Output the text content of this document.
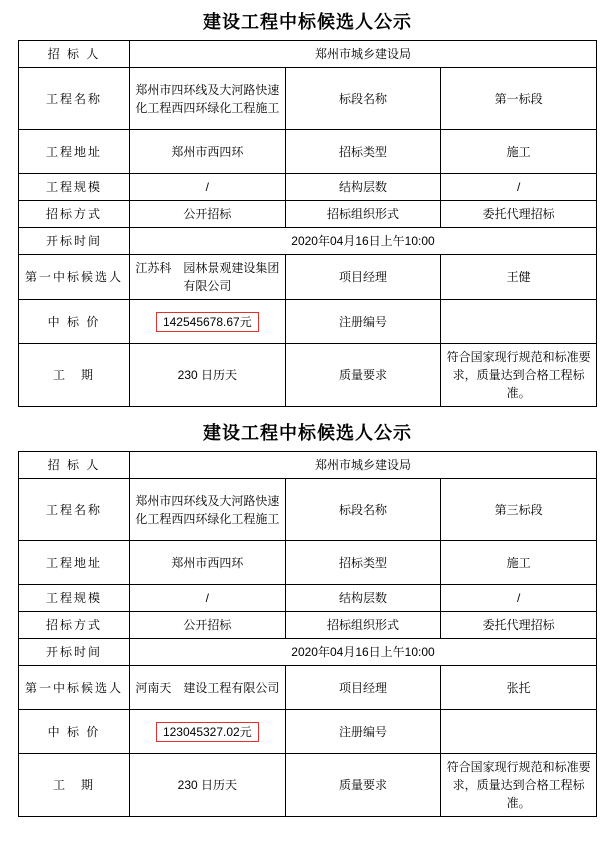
建设工程中标候选人公示
招 标 人	郑州市城乡建设局		
工程名称	郑州市四环线及大河路快速化工程西四环绿化工程施工	标段名称	第一标段
工程地址	郑州市西四环	招标类型	施工
工程规模	/	结构层数	/
招标方式	公开招标	招标组织形式	委托代理招标
开标时间	2020年04月16日上午10:00		
第一中标候选人	江苏科　园林景观建设集团有限公司	项目经理	王健
中 标 价	142545678.67元	注册编号	
工　期	230 日历天	质量要求	符合国家现行规范和标准要求，质量达到合格工程标准。
建设工程中标候选人公示
招 标 人	郑州市城乡建设局		
工程名称	郑州市四环线及大河路快速化工程西四环绿化工程施工	标段名称	第三标段
工程地址	郑州市西四环	招标类型	施工
工程规模	/	结构层数	/
招标方式	公开招标	招标组织形式	委托代理招标
开标时间	2020年04月16日上午10:00		
第一中标候选人	河南天　建设工程有限公司	项目经理	张托
中 标 价	123045327.02元	注册编号	
工　期	230 日历天	质量要求	符合国家现行规范和标准要求，质量达到合格工程标准。
